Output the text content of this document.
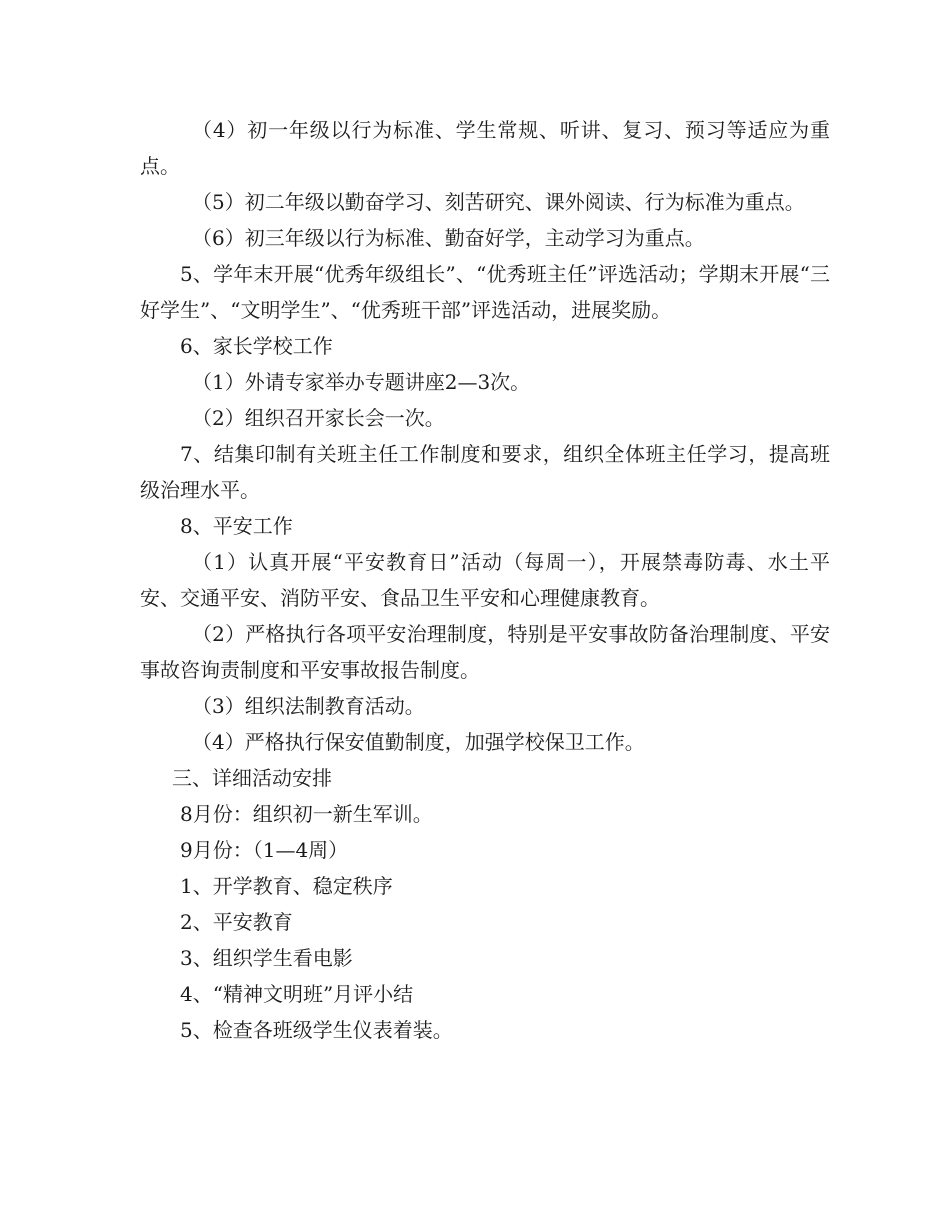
（4）初一年级以行为标准、学生常规、听讲、复习、预习等适应为重点。

（5）初二年级以勤奋学习、刻苦研究、课外阅读、行为标准为重点。

（6）初三年级以行为标准、勤奋好学，主动学习为重点。

5、学年末开展“优秀年级组长”、“优秀班主任”评选活动；学期末开展“三好学生”、“文明学生”、“优秀班干部”评选活动，进展奖励。

6、家长学校工作

（1）外请专家举办专题讲座2—3次。

（2）组织召开家长会一次。

7、结集印制有关班主任工作制度和要求，组织全体班主任学习，提高班级治理水平。

8、平安工作

（1）认真开展“平安教育日”活动（每周一），开展禁毒防毒、水土平安、交通平安、消防平安、食品卫生平安和心理健康教育。

（2）严格执行各项平安治理制度，特别是平安事故防备治理制度、平安事故咨询责制度和平安事故报告制度。

（3）组织法制教育活动。

（4）严格执行保安值勤制度，加强学校保卫工作。

三、详细活动安排

8月份：组织初一新生军训。

9月份：（1—4周）

1、开学教育、稳定秩序

2、平安教育

3、组织学生看电影

4、“精神文明班”月评小结

5、检查各班级学生仪表着装。
